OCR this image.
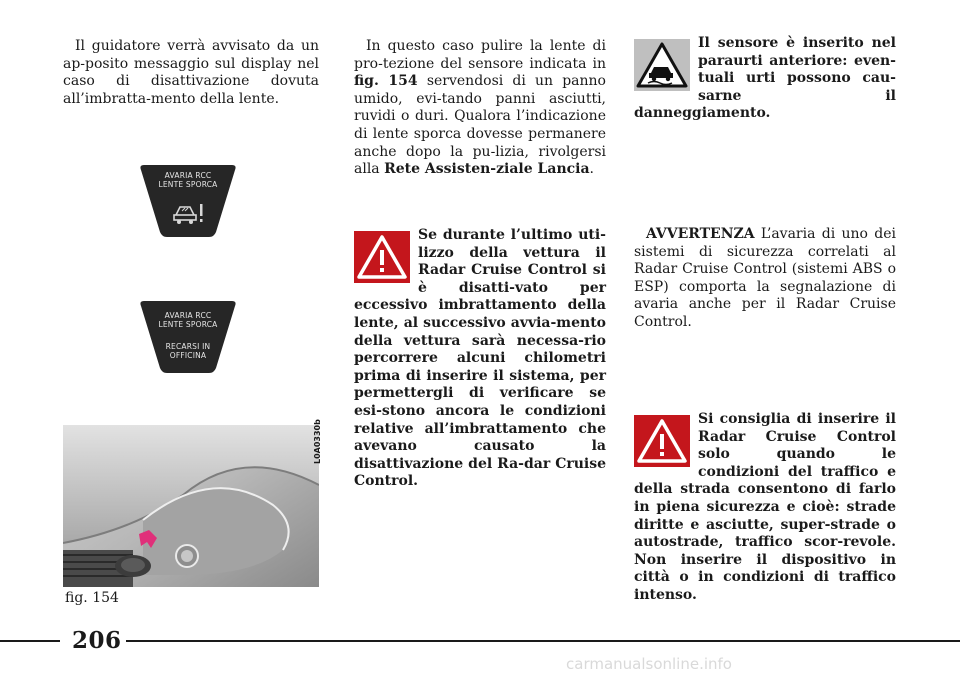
Il guidatore verrà avvisato da un ap-posito messaggio sul display nel caso di disattivazione dovuta all’imbratta-mento della lente.

AVARIA RCC
LENTE SPORCA
AVARIA RCC
LENTE SPORCA
RECARSI IN
OFFICINA
L0A0330b
fig. 154

In questo caso pulire la lente di pro-tezione del sensore indicata in fig. 154 servendosi di un panno umido, evi-tando panni asciutti, ruvidi o duri. Qualora l’indicazione di lente sporca dovesse permanere anche dopo la pu-lizia, rivolgersi alla Rete Assisten-ziale Lancia.

Se durante l’ultimo uti-lizzo della vettura il Radar Cruise Control si è disatti-vato per eccessivo imbrattamento della lente, al successivo avvia-mento della vettura sarà necessa-rio percorrere alcuni chilometri prima di inserire il sistema, per permettergli di verificare se esi-stono ancora le condizioni relative all’imbrattamento che avevano causato la disattivazione del Ra-dar Cruise Control.
Il sensore è inserito nel paraurti anteriore: even-tuali urti possono cau-sarne il danneggiamento.

AVVERTENZA L’avaria di uno dei sistemi di sicurezza correlati al Radar Cruise Control (sistemi ABS o ESP) comporta la segnalazione di avaria anche per il Radar Cruise Control.

Si consiglia di inserire il Radar Cruise Control solo quando le condizioni del traffico e della strada consentono di farlo in piena sicurezza e cioè: strade diritte e asciutte, super-strade o autostrade, traffico scor-revole. Non inserire il dispositivo in città o in condizioni di traffico intenso.
206
carmanualsonline.info
